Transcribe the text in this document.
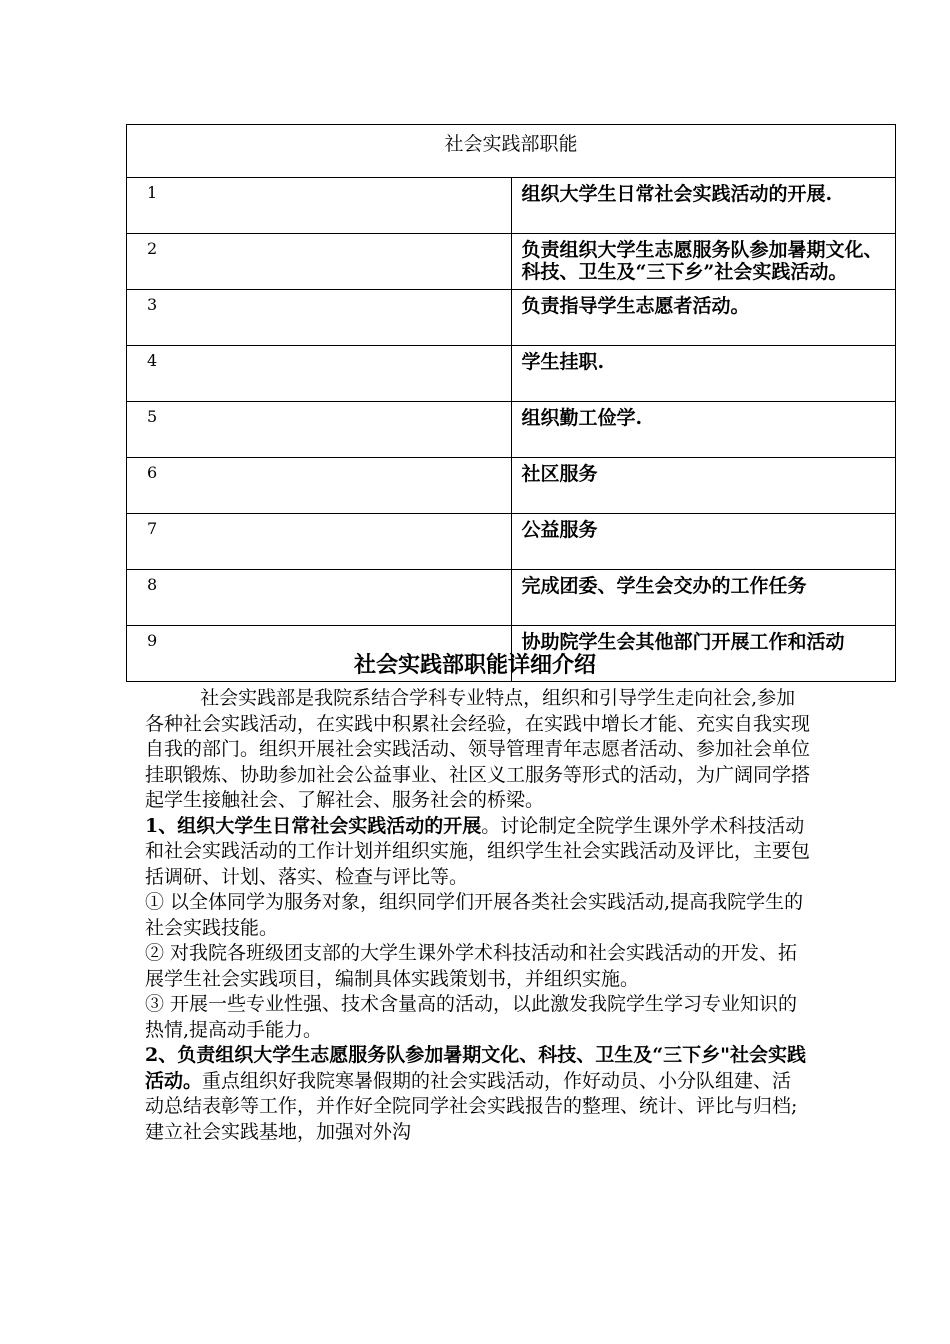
社会实践部职能	
1	组织大学生日常社会实践活动的开展.
2	负责组织大学生志愿服务队参加暑期文化、科技、卫生及“三下乡”社会实践活动。
3	负责指导学生志愿者活动。
4	学生挂职.
5	组织勤工俭学.
6	社区服务
7	公益服务
8	完成团委、学生会交办的工作任务
9	协助院学生会其他部门开展工作和活动
社会实践部职能详细介绍

社会实践部是我院系结合学科专业特点，组织和引导学生走向社会,参加各种社会实践活动，在实践中积累社会经验，在实践中增长才能、充实自我实现自我的部门。组织开展社会实践活动、领导管理青年志愿者活动、参加社会单位挂职锻炼、协助参加社会公益事业、社区义工服务等形式的活动，为广阔同学搭起学生接触社会、了解社会、服务社会的桥梁。

1、组织大学生日常社会实践活动的开展。讨论制定全院学生课外学术科技活动和社会实践活动的工作计划并组织实施，组织学生社会实践活动及评比，主要包括调研、计划、落实、检查与评比等。

① 以全体同学为服务对象，组织同学们开展各类社会实践活动,提高我院学生的社会实践技能。

② 对我院各班级团支部的大学生课外学术科技活动和社会实践活动的开发、拓展学生社会实践项目，编制具体实践策划书，并组织实施。

③ 开展一些专业性强、技术含量高的活动，以此激发我院学生学习专业知识的热情,提高动手能力。

2、负责组织大学生志愿服务队参加暑期文化、科技、卫生及“三下乡"社会实践活动。重点组织好我院寒暑假期的社会实践活动，作好动员、小分队组建、活动总结表彰等工作，并作好全院同学社会实践报告的整理、统计、评比与归档;建立社会实践基地，加强对外沟
